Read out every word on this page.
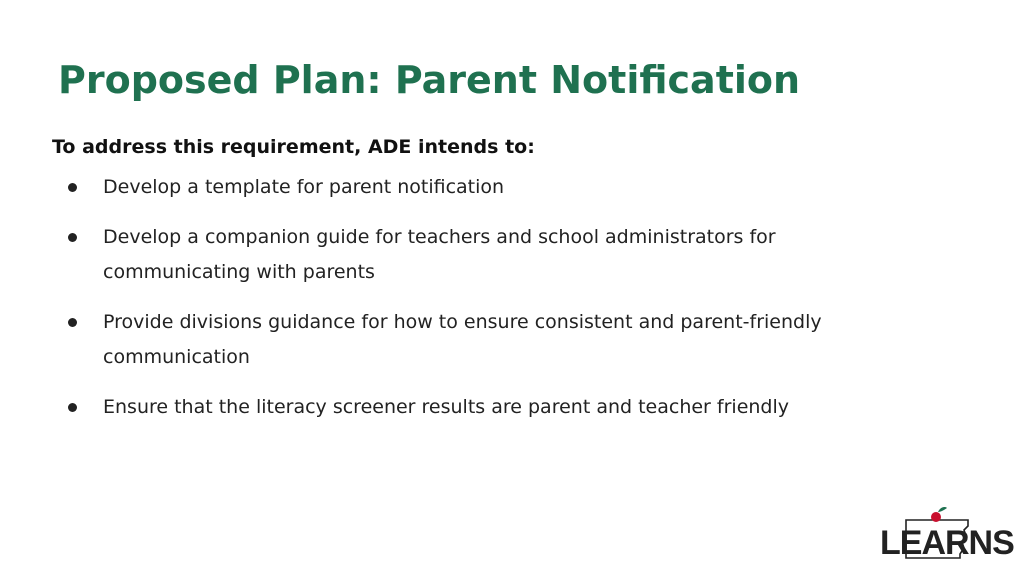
Proposed Plan: Parent Notification
To address this requirement, ADE intends to:
Develop a template for parent notification
Develop a companion guide for teachers and school administrators for communicating with parents
Provide divisions guidance for how to ensure consistent and parent-friendly communication
Ensure that the literacy screener results are parent and teacher friendly
LEARNS
